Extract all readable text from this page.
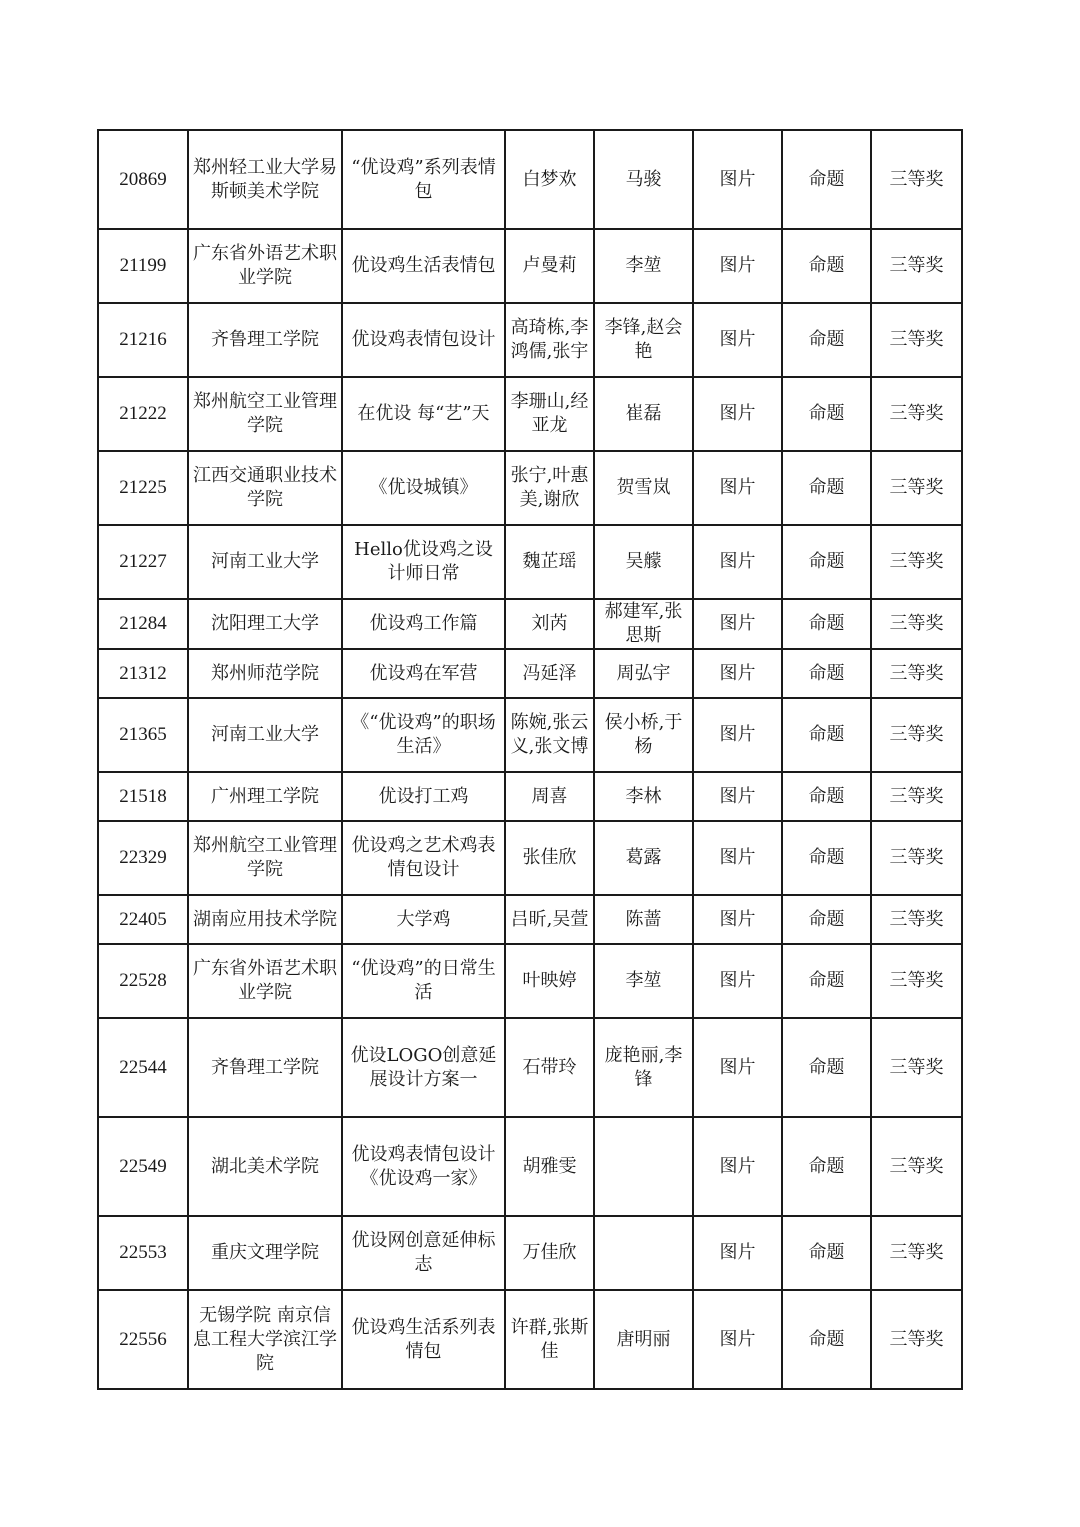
20869	郑州轻工业大学易斯顿美术学院	“优设鸡”系列表情包	白梦欢	马骏	图片	命题	三等奖
21199	广东省外语艺术职业学院	优设鸡生活表情包	卢曼莉	李堃	图片	命题	三等奖
21216	齐鲁理工学院	优设鸡表情包设计	高琦栋,李鸿儒,张宇	李锋,赵会艳	图片	命题	三等奖
21222	郑州航空工业管理学院	在优设 每“艺”天	李珊山,经亚龙	崔磊	图片	命题	三等奖
21225	江西交通职业技术学院	《优设城镇》	张宁,叶惠美,谢欣	贺雪岚	图片	命题	三等奖
21227	河南工业大学	Hello优设鸡之设计师日常	魏芷瑶	吴艨	图片	命题	三等奖
21284	沈阳理工大学	优设鸡工作篇	刘芮	郝建军,张思斯	图片	命题	三等奖
21312	郑州师范学院	优设鸡在军营	冯延泽	周弘宇	图片	命题	三等奖
21365	河南工业大学	《“优设鸡”的职场生活》	陈婉,张云义,张文博	侯小桥,于杨	图片	命题	三等奖
21518	广州理工学院	优设打工鸡	周喜	李林	图片	命题	三等奖
22329	郑州航空工业管理学院	优设鸡之艺术鸡表情包设计	张佳欣	葛露	图片	命题	三等奖
22405	湖南应用技术学院	大学鸡	吕昕,吴萱	陈蔷	图片	命题	三等奖
22528	广东省外语艺术职业学院	“优设鸡”的日常生活	叶映婷	李堃	图片	命题	三等奖
22544	齐鲁理工学院	优设LOGO创意延展设计方案一	石带玲	庞艳丽,李锋	图片	命题	三等奖
22549	湖北美术学院	优设鸡表情包设计《优设鸡一家》	胡雅雯		图片	命题	三等奖
22553	重庆文理学院	优设网创意延伸标志	万佳欣		图片	命题	三等奖
22556	无锡学院 南京信息工程大学滨江学院	优设鸡生活系列表情包	许群,张斯佳	唐明丽	图片	命题	三等奖
